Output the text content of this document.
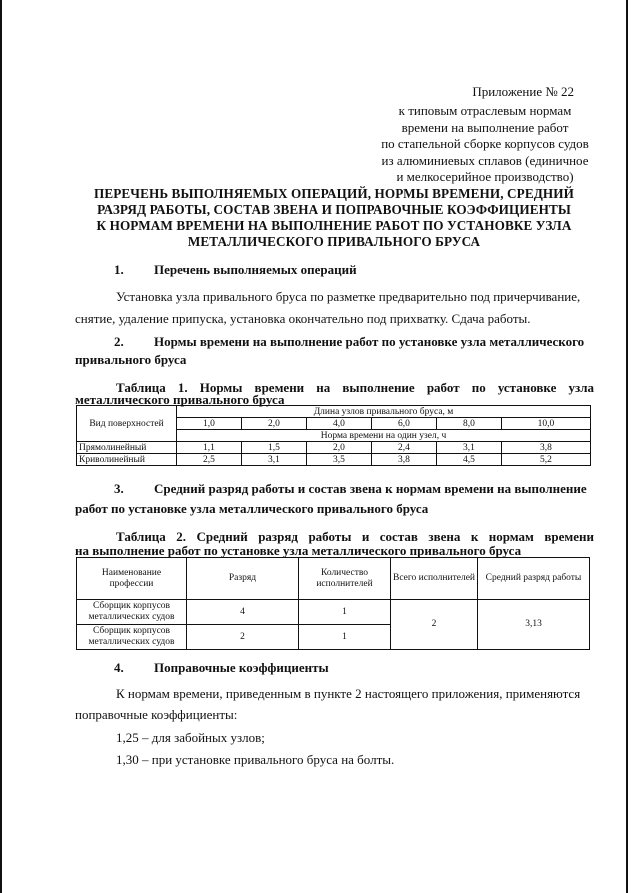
Приложение № 22
к типовым отраслевым нормам
времени на выполнение работ
по стапельной сборке корпусов судов
из алюминиевых сплавов (единичное
и мелкосерийное производство)
ПЕРЕЧЕНЬ ВЫПОЛНЯЕМЫХ ОПЕРАЦИЙ, НОРМЫ ВРЕМЕНИ, СРЕДНИЙ
РАЗРЯД РАБОТЫ, СОСТАВ ЗВЕНА И ПОПРАВОЧНЫЕ КОЭФФИЦИЕНТЫ
К НОРМАМ ВРЕМЕНИ НА ВЫПОЛНЕНИЕ РАБОТ ПО УСТАНОВКЕ УЗЛА
МЕТАЛЛИЧЕСКОГО ПРИВАЛЬНОГО БРУСА
1. Перечень выполняемых операций
Установка узла привального бруса по разметке предварительно под причерчивание,
снятие, удаление припуска, установка окончательно под прихватку. Сдача работы.
2. Нормы времени на выполнение работ по установке узла металлического
привального бруса
Таблица 1. Нормы времени на выполнение работ по установке узла
металлического привального бруса
Вид поверхностей	Длина узлов привального бруса, м					
	1,0	2,0	4,0	6,0	8,0	10,0
	Норма времени на один узел, ч					
Прямолинейный	1,1	1,5	2,0	2,4	3,1	3,8
Криволинейный	2,5	3,1	3,5	3,8	4,5	5,2
3. Средний разряд работы и состав звена к нормам времени на выполнение
работ по установке узла металлического привального бруса
Таблица 2. Средний разряд работы и состав звена к нормам времени
на выполнение работ по установке узла металлического привального бруса
Наименование профессии	Разряд	Количество исполнителей	Всего исполнителей	Средний разряд работы
Сборщик корпусов металлических судов	4	1	2	3,13
Сборщик корпусов металлических судов	2	1		
4. Поправочные коэффициенты
К нормам времени, приведенным в пункте 2 настоящего приложения, применяются
поправочные коэффициенты:
1,25 – для забойных узлов;
1,30 – при установке привального бруса на болты.
